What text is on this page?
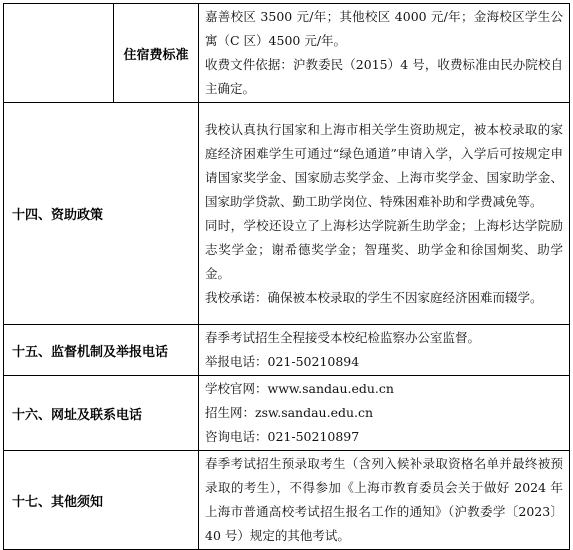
	住宿费标准	嘉善校区 3500 元/年；其他校区 4000 元/年；金海校区学生公寓（C 区）4500 元/年。

收费文件依据：沪教委民（2015）4 号，收费标准由民办院校自主确定。

十四、资助政策		我校认真执行国家和上海市相关学生资助规定，被本校录取的家庭经济困难学生可通过“绿色通道”申请入学，入学后可按规定申请国家奖学金、国家励志奖学金、上海市奖学金、国家助学金、国家助学贷款、勤工助学岗位、特殊困难补助和学费减免等。

同时，学校还设立了上海杉达学院新生助学金；上海杉达学院励志奖学金；谢希德奖学金；智瑾奖、助学金和徐国炯奖、助学金。

我校承诺：确保被本校录取的学生不因家庭经济困难而辍学。

十五、监督机制及举报电话		春季考试招生全程接受本校纪检监察办公室监督。

举报电话：021-50210894

十六、网址及联系电话		学校官网：www.sandau.edu.cn

招生网：zsw.sandau.edu.cn

咨询电话：021-50210897

十七、其他须知		春季考试招生预录取考生（含列入候补录取资格名单并最终被预录取的考生），不得参加《上海市教育委员会关于做好 2024 年上海市普通高校考试招生报名工作的通知》（沪教委学〔2023〕40 号）规定的其他考试。
